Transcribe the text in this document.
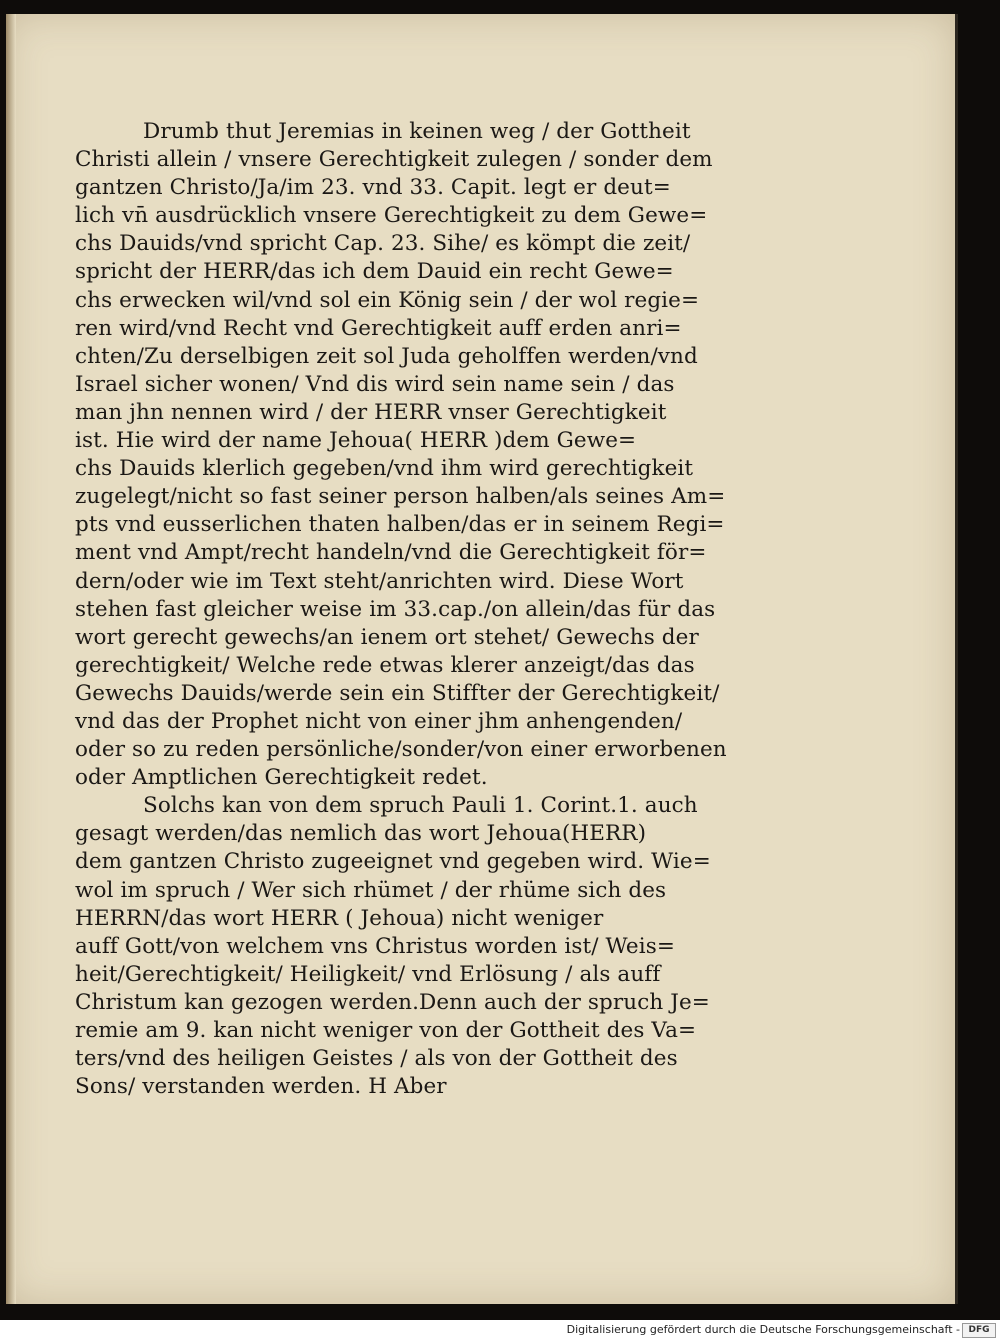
Drumb thut Jeremias in keinen weg / der Gottheit
Christi allein / vnsere Gerechtigkeit zulegen / sonder dem
gantzen Christo/Ja/im 23. vnd 33. Capit. legt er deut=
lich vn̄ ausdrücklich vnsere Gerechtigkeit zu dem Gewe=
chs Dauids/vnd spricht Cap. 23. Sihe/ es kömpt die zeit/
spricht der HERR/das ich dem Dauid ein recht Gewe=
chs erwecken wil/vnd sol ein König sein / der wol regie=
ren wird/vnd Recht vnd Gerechtigkeit auff erden anri=
chten/Zu derselbigen zeit sol Juda geholffen werden/vnd
Israel sicher wonen/ Vnd dis wird sein name sein / das
man jhn nennen wird / der HERR vnser Gerechtigkeit
ist. Hie wird der name Jehoua( HERR )dem Gewe=
chs Dauids klerlich gegeben/vnd ihm wird gerechtigkeit
zugelegt/nicht so fast seiner person halben/als seines Am=
pts vnd eusserlichen thaten halben/das er in seinem Regi=
ment vnd Ampt/recht handeln/vnd die Gerechtigkeit för=
dern/oder wie im Text steht/anrichten wird. Diese Wort
stehen fast gleicher weise im 33.cap./on allein/das für das
wort gerecht gewechs/an ienem ort stehet/ Gewechs der
gerechtigkeit/ Welche rede etwas klerer anzeigt/das das
Gewechs Dauids/werde sein ein Stiffter der Gerechtigkeit/
vnd das der Prophet nicht von einer jhm anhengenden/
oder so zu reden persönliche/sonder/von einer erworbenen
oder Amptlichen Gerechtigkeit redet.
Solchs kan von dem spruch Pauli 1. Corint.1. auch
gesagt werden/das nemlich das wort Jehoua(HERR)
dem gantzen Christo zugeeignet vnd gegeben wird. Wie=
wol im spruch / Wer sich rhümet / der rhüme sich des
HERRN/das wort HERR ( Jehoua) nicht weniger
auff Gott/von welchem vns Christus worden ist/ Weis=
heit/Gerechtigkeit/ Heiligkeit/ vnd Erlösung / als auff
Christum kan gezogen werden.Denn auch der spruch Je=
remie am 9. kan nicht weniger von der Gottheit des Va=
ters/vnd des heiligen Geistes / als von der Gottheit des
Sons/ verstanden werden. H Aber
Digitalisierung gefördert durch die Deutsche Forschungsgemeinschaft - DFG
